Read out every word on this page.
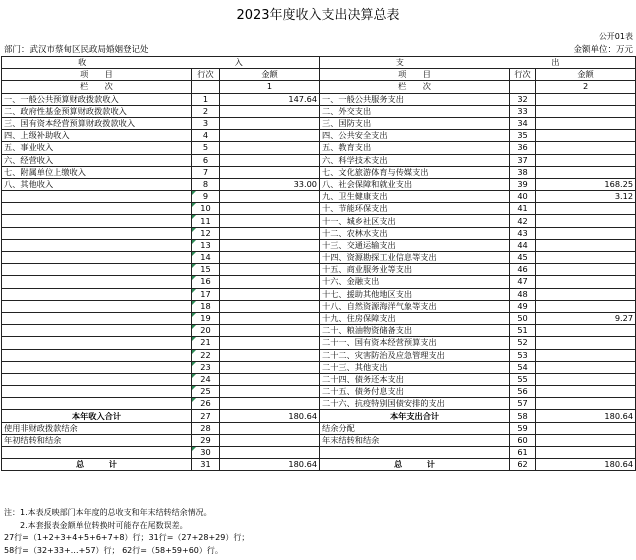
2023年度收入支出决算总表
公开01表
部门：武汉市蔡甸区民政局婚姻登记处	金额单位：万元
收 入			支 出		
项　　目	行次	金额	项　　目	行次	金额
栏　　次		1	栏　　次		2
一、一般公共预算财政拨款收入	1	147.64	一、一般公共服务支出	32	
二、政府性基金预算财政拨款收入	2		二、外交支出	33	
三、国有资本经营预算财政拨款收入	3		三、国防支出	34	
四、上级补助收入	4		四、公共安全支出	35	
五、事业收入	5		五、教育支出	36	
六、经营收入	6		六、科学技术支出	37	
七、附属单位上缴收入	7		七、文化旅游体育与传媒支出	38	
八、其他收入	8	33.00	八、社会保障和就业支出	39	168.25
	9		九、卫生健康支出	40	3.12
	10		十、节能环保支出	41	
	11		十一、城乡社区支出	42	
	12		十二、农林水支出	43	
	13		十三、交通运输支出	44	
	14		十四、资源勘探工业信息等支出	45	
	15		十五、商业服务业等支出	46	
	16		十六、金融支出	47	
	17		十七、援助其他地区支出	48	
	18		十八、自然资源海洋气象等支出	49	
	19		十九、住房保障支出	50	9.27
	20		二十、粮油物资储备支出	51	
	21		二十一、国有资本经营预算支出	52	
	22		二十二、灾害防治及应急管理支出	53	
	23		二十三、其他支出	54	
	24		二十四、债务还本支出	55	
	25		二十五、债务付息支出	56	
	26		二十六、抗疫特别国债安排的支出	57	
本年收入合计	27	180.64	本年支出合计	58	180.64
使用非财政拨款结余	28		结余分配	59	
年初结转和结余	29		年末结转和结余	60	
	30			61	
总　　　计	31	180.64	总　　　计	62	180.64
注：1.本表反映部门本年度的总收支和年末结转结余情况。
　　2.本套报表金额单位转换时可能存在尾数误差。
27行=（1+2+3+4+5+6+7+8）行；31行=（27+28+29）行；
58行=（32+33+…+57）行； 62行=（58+59+60）行。
